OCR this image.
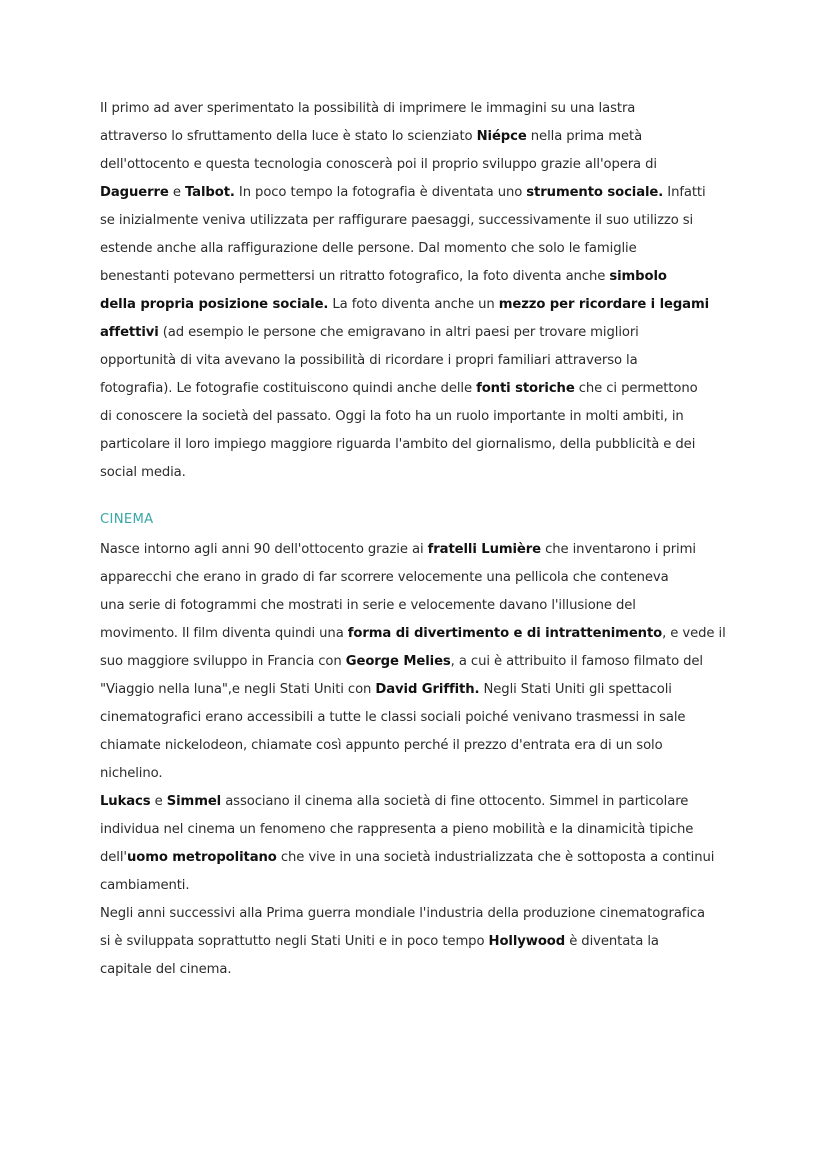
Il primo ad aver sperimentato la possibilità di imprimere le immagini su una lastra
attraverso lo sfruttamento della luce è stato lo scienziato Niépce nella prima metà
dell'ottocento e questa tecnologia conoscerà poi il proprio sviluppo grazie all'opera di
Daguerre e Talbot. In poco tempo la fotografia è diventata uno strumento sociale. Infatti
se inizialmente veniva utilizzata per raffigurare paesaggi, successivamente il suo utilizzo si
estende anche alla raffigurazione delle persone. Dal momento che solo le famiglie
benestanti potevano permettersi un ritratto fotografico, la foto diventa anche simbolo
della propria posizione sociale. La foto diventa anche un mezzo per ricordare i legami
affettivi (ad esempio le persone che emigravano in altri paesi per trovare migliori
opportunità di vita avevano la possibilità di ricordare i propri familiari attraverso la
fotografia). Le fotografie costituiscono quindi anche delle fonti storiche che ci permettono
di conoscere la società del passato. Oggi la foto ha un ruolo importante in molti ambiti, in
particolare il loro impiego maggiore riguarda l'ambito del giornalismo, della pubblicità e dei
social media.
CINEMA
Nasce intorno agli anni 90 dell'ottocento grazie ai fratelli Lumière che inventarono i primi
apparecchi che erano in grado di far scorrere velocemente una pellicola che conteneva
una serie di fotogrammi che mostrati in serie e velocemente davano l'illusione del
movimento. Il film diventa quindi una forma di divertimento e di intrattenimento, e vede il
suo maggiore sviluppo in Francia con George Melies, a cui è attribuito il famoso filmato del
"Viaggio nella luna",e negli Stati Uniti con David Griffith. Negli Stati Uniti gli spettacoli
cinematografici erano accessibili a tutte le classi sociali poiché venivano trasmessi in sale
chiamate nickelodeon, chiamate così appunto perché il prezzo d'entrata era di un solo
nichelino.
Lukacs e Simmel associano il cinema alla società di fine ottocento. Simmel in particolare
individua nel cinema un fenomeno che rappresenta a pieno mobilità e la dinamicità tipiche
dell'uomo metropolitano che vive in una società industrializzata che è sottoposta a continui
cambiamenti.
Negli anni successivi alla Prima guerra mondiale l'industria della produzione cinematografica
si è sviluppata soprattutto negli Stati Uniti e in poco tempo Hollywood è diventata la
capitale del cinema.
